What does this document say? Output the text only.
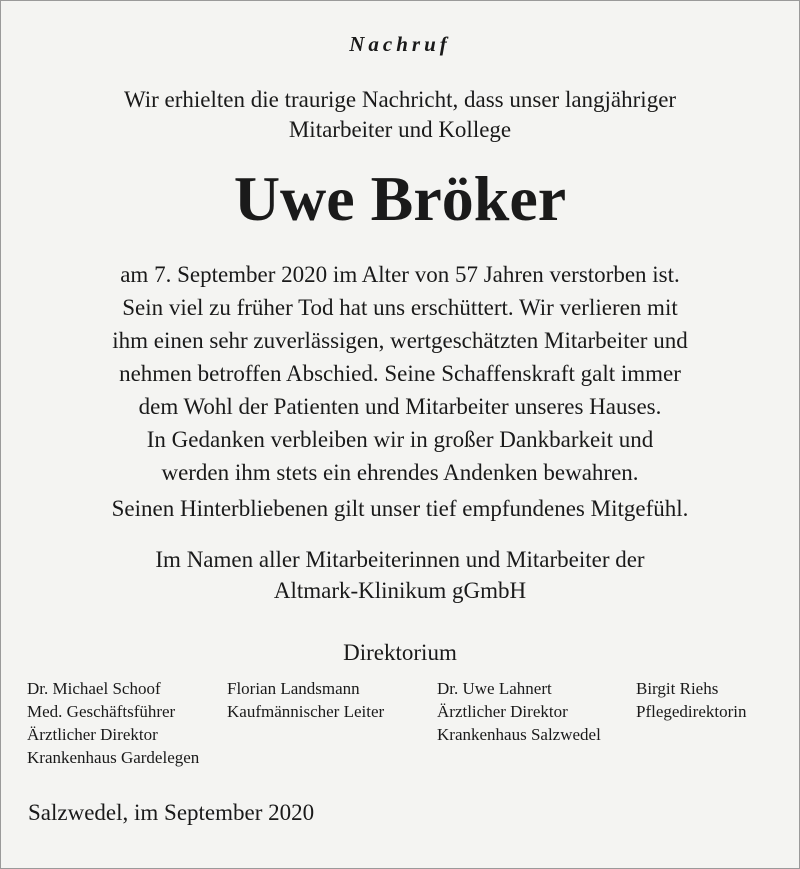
Nachruf
Wir erhielten die traurige Nachricht, dass unser langjähriger
Mitarbeiter und Kollege
Uwe Bröker
am 7. September 2020 im Alter von 57 Jahren verstorben ist.
Sein viel zu früher Tod hat uns erschüttert. Wir verlieren mit
ihm einen sehr zuverlässigen, wertgeschätzten Mitarbeiter und
nehmen betroffen Abschied. Seine Schaffenskraft galt immer
dem Wohl der Patienten und Mitarbeiter unseres Hauses.
In Gedanken verbleiben wir in großer Dankbarkeit und
werden ihm stets ein ehrendes Andenken bewahren.
Seinen Hinterbliebenen gilt unser tief empfundenes Mitgefühl.
Im Namen aller Mitarbeiterinnen und Mitarbeiter der
Altmark-Klinikum gGmbH
Direktorium
Dr. Michael Schoof
Med. Geschäftsführer
Ärztlicher Direktor
Krankenhaus Gardelegen
Florian Landsmann
Kaufmännischer Leiter
Dr. Uwe Lahnert
Ärztlicher Direktor
Krankenhaus Salzwedel
Birgit Riehs
Pflegedirektorin
Salzwedel, im September 2020
